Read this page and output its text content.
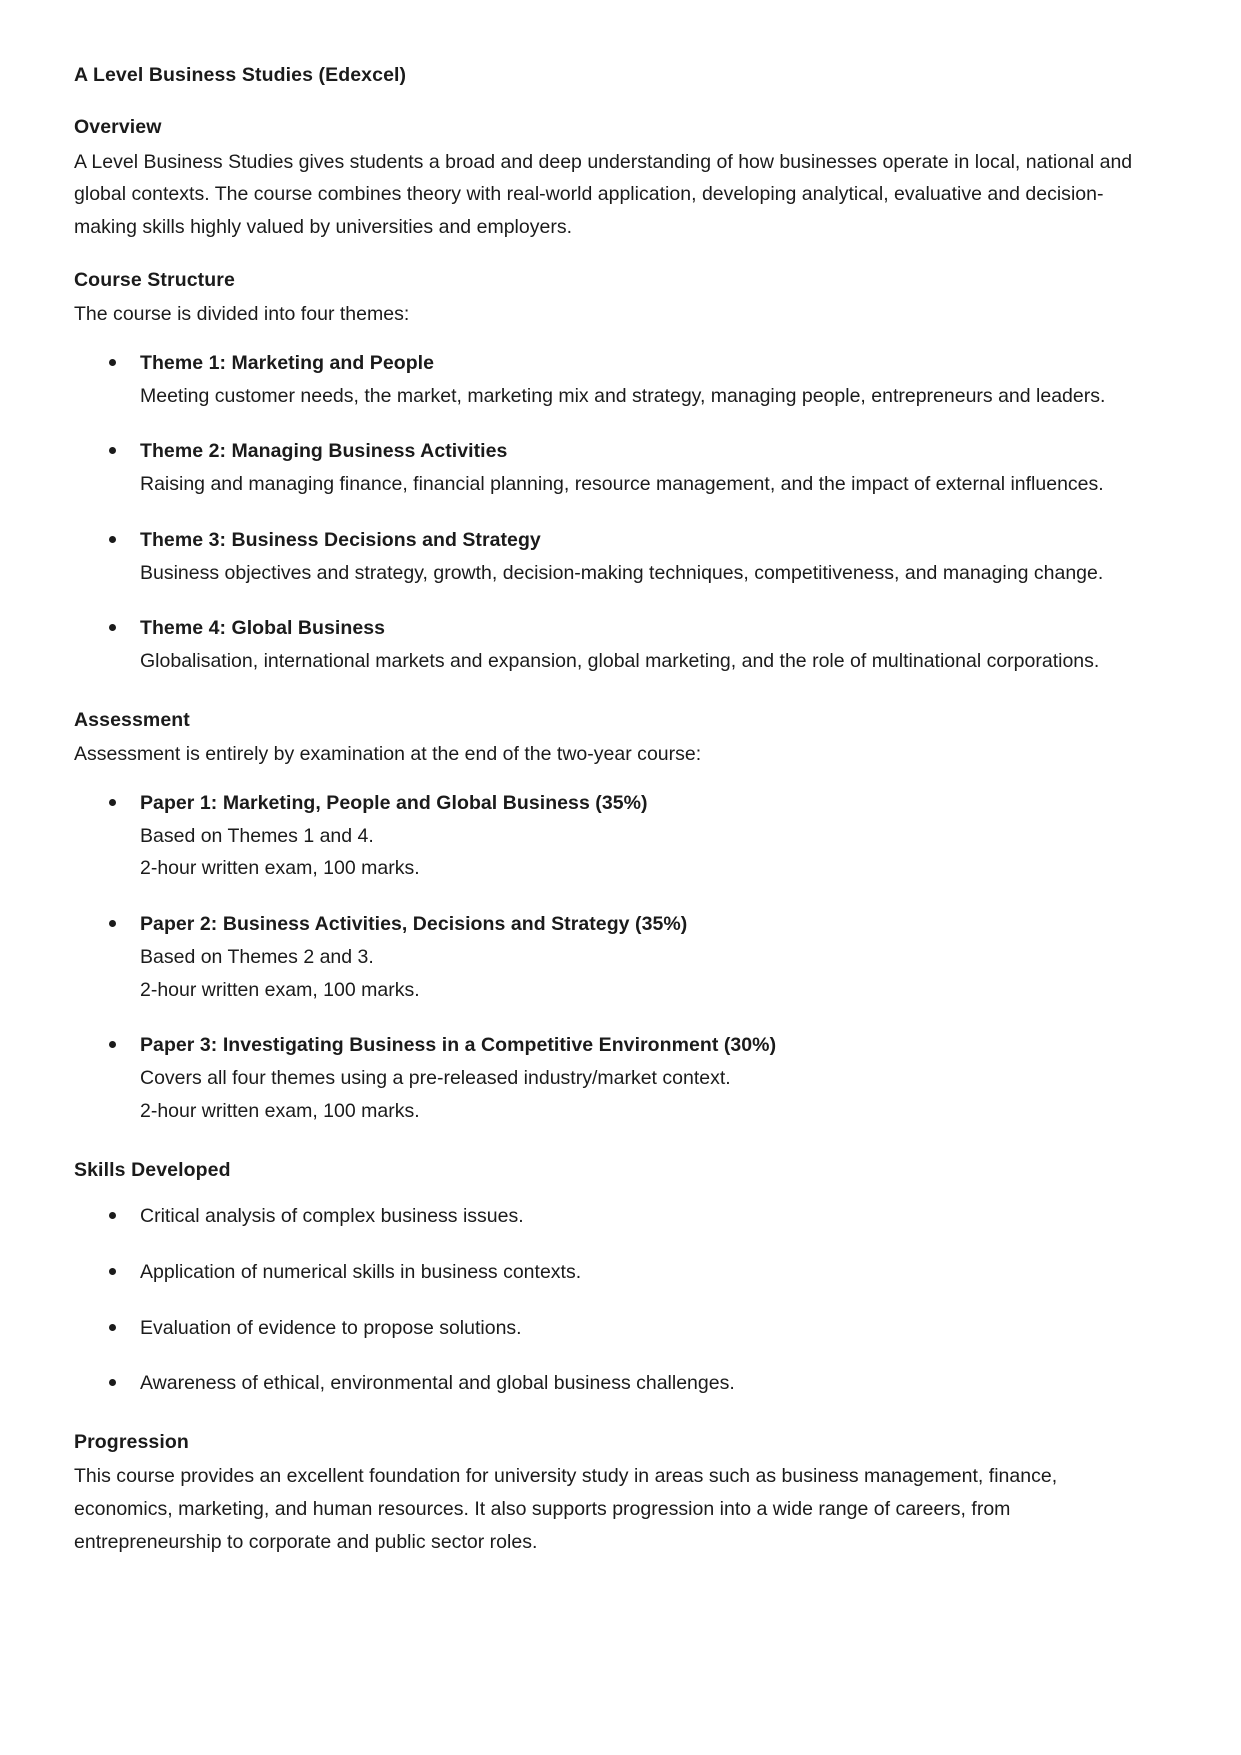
A Level Business Studies (Edexcel)
Overview

A Level Business Studies gives students a broad and deep understanding of how businesses operate in local, national and global contexts. The course combines theory with real-world application, developing analytical, evaluative and decision-making skills highly valued by universities and employers.

Course Structure

The course is divided into four themes:

Theme 1: Marketing and People
Meeting customer needs, the market, marketing mix and strategy, managing people, entrepreneurs and leaders.
Theme 2: Managing Business Activities
Raising and managing finance, financial planning, resource management, and the impact of external influences.
Theme 3: Business Decisions and Strategy
Business objectives and strategy, growth, decision-making techniques, competitiveness, and managing change.
Theme 4: Global Business
Globalisation, international markets and expansion, global marketing, and the role of multinational corporations.
Assessment

Assessment is entirely by examination at the end of the two-year course:

Paper 1: Marketing, People and Global Business (35%)
Based on Themes 1 and 4.
2-hour written exam, 100 marks.
Paper 2: Business Activities, Decisions and Strategy (35%)
Based on Themes 2 and 3.
2-hour written exam, 100 marks.
Paper 3: Investigating Business in a Competitive Environment (30%)
Covers all four themes using a pre-released industry/market context.
2-hour written exam, 100 marks.
Skills Developed
Critical analysis of complex business issues.
Application of numerical skills in business contexts.
Evaluation of evidence to propose solutions.
Awareness of ethical, environmental and global business challenges.
Progression

This course provides an excellent foundation for university study in areas such as business management, finance, economics, marketing, and human resources. It also supports progression into a wide range of careers, from entrepreneurship to corporate and public sector roles.
